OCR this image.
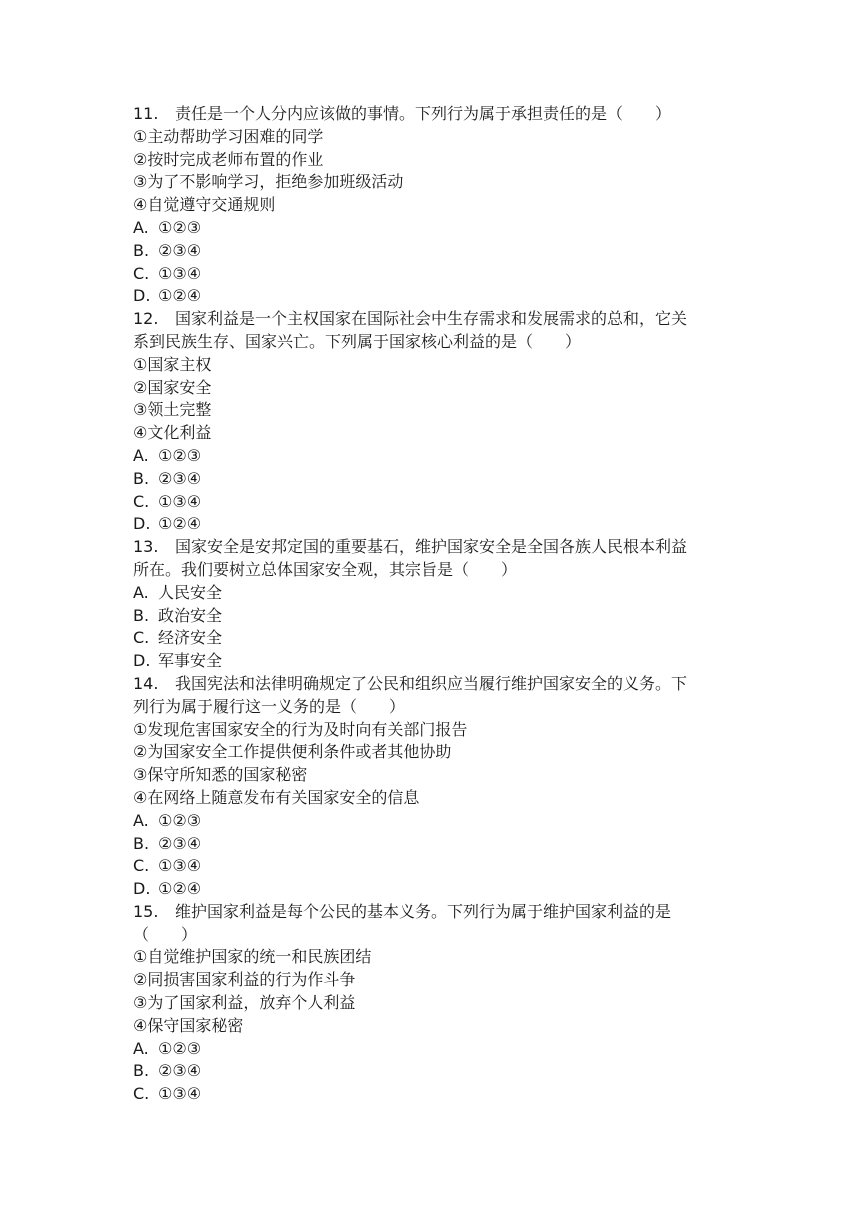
11. 责任是一个人分内应该做的事情。下列行为属于承担责任的是（　　）
①主动帮助学习困难的同学
②按时完成老师布置的作业
③为了不影响学习，拒绝参加班级活动
④自觉遵守交通规则
A. ①②③
B. ②③④
C. ①③④
D. ①②④
12. 国家利益是一个主权国家在国际社会中生存需求和发展需求的总和，它关
系到民族生存、国家兴亡。下列属于国家核心利益的是（　　）
①国家主权
②国家安全
③领土完整
④文化利益
A. ①②③
B. ②③④
C. ①③④
D. ①②④
13. 国家安全是安邦定国的重要基石，维护国家安全是全国各族人民根本利益
所在。我们要树立总体国家安全观，其宗旨是（　　）
A. 人民安全
B. 政治安全
C. 经济安全
D. 军事安全
14. 我国宪法和法律明确规定了公民和组织应当履行维护国家安全的义务。下
列行为属于履行这一义务的是（　　）
①发现危害国家安全的行为及时向有关部门报告
②为国家安全工作提供便利条件或者其他协助
③保守所知悉的国家秘密
④在网络上随意发布有关国家安全的信息
A. ①②③
B. ②③④
C. ①③④
D. ①②④
15. 维护国家利益是每个公民的基本义务。下列行为属于维护国家利益的是
（　　）
①自觉维护国家的统一和民族团结
②同损害国家利益的行为作斗争
③为了国家利益，放弃个人利益
④保守国家秘密
A. ①②③
B. ②③④
C. ①③④
